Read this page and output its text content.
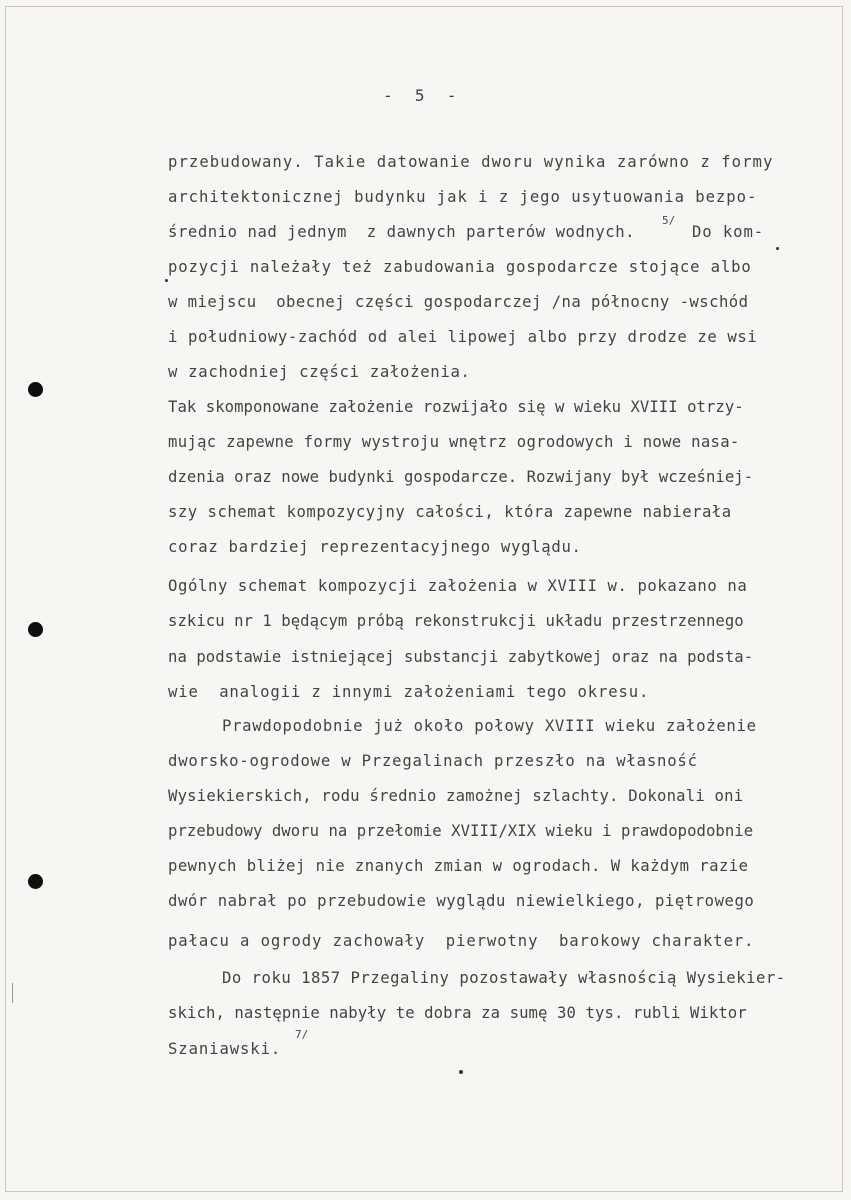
-  5  -
przebudowany. Takie datowanie dworu wynika zarówno z formy
architektonicznej budynku jak i z jego usytuowania bezpo-
średnio nad jednym  z dawnych parterów wodnych.
5/
Do kom-
pozycji należały też zabudowania gospodarcze stojące albo
w miejscu  obecnej części gospodarczej /na północny -wschód
i południowy-zachód od alei lipowej albo przy drodze ze wsi
w zachodniej części założenia.
Tak skomponowane założenie rozwijało się w wieku XVIII otrzy-
mując zapewne formy wystroju wnętrz ogrodowych i nowe nasa-
dzenia oraz nowe budynki gospodarcze. Rozwijany był wcześniej-
szy schemat kompozycyjny całości, która zapewne nabierała
coraz bardziej reprezentacyjnego wyglądu.
Ogólny schemat kompozycji założenia w XVIII w. pokazano na
szkicu nr 1 będącym próbą rekonstrukcji układu przestrzennego
na podstawie istniejącej substancji zabytkowej oraz na podsta-
wie  analogii z innymi założeniami tego okresu.
Prawdopodobnie już około połowy XVIII wieku założenie
dworsko-ogrodowe w Przegalinach przeszło na własność
Wysiekierskich, rodu średnio zamożnej szlachty. Dokonali oni
przebudowy dworu na przełomie XVIII/XIX wieku i prawdopodobnie
pewnych bliżej nie znanych zmian w ogrodach. W każdym razie
dwór nabrał po przebudowie wyglądu niewielkiego, piętrowego
pałacu a ogrody zachowały  pierwotny  barokowy charakter.
Do roku 1857 Przegaliny pozostawały własnością Wysiekier-
skich, następnie nabyły te dobra za sumę 30 tys. rubli Wiktor
Szaniawski.
7/
